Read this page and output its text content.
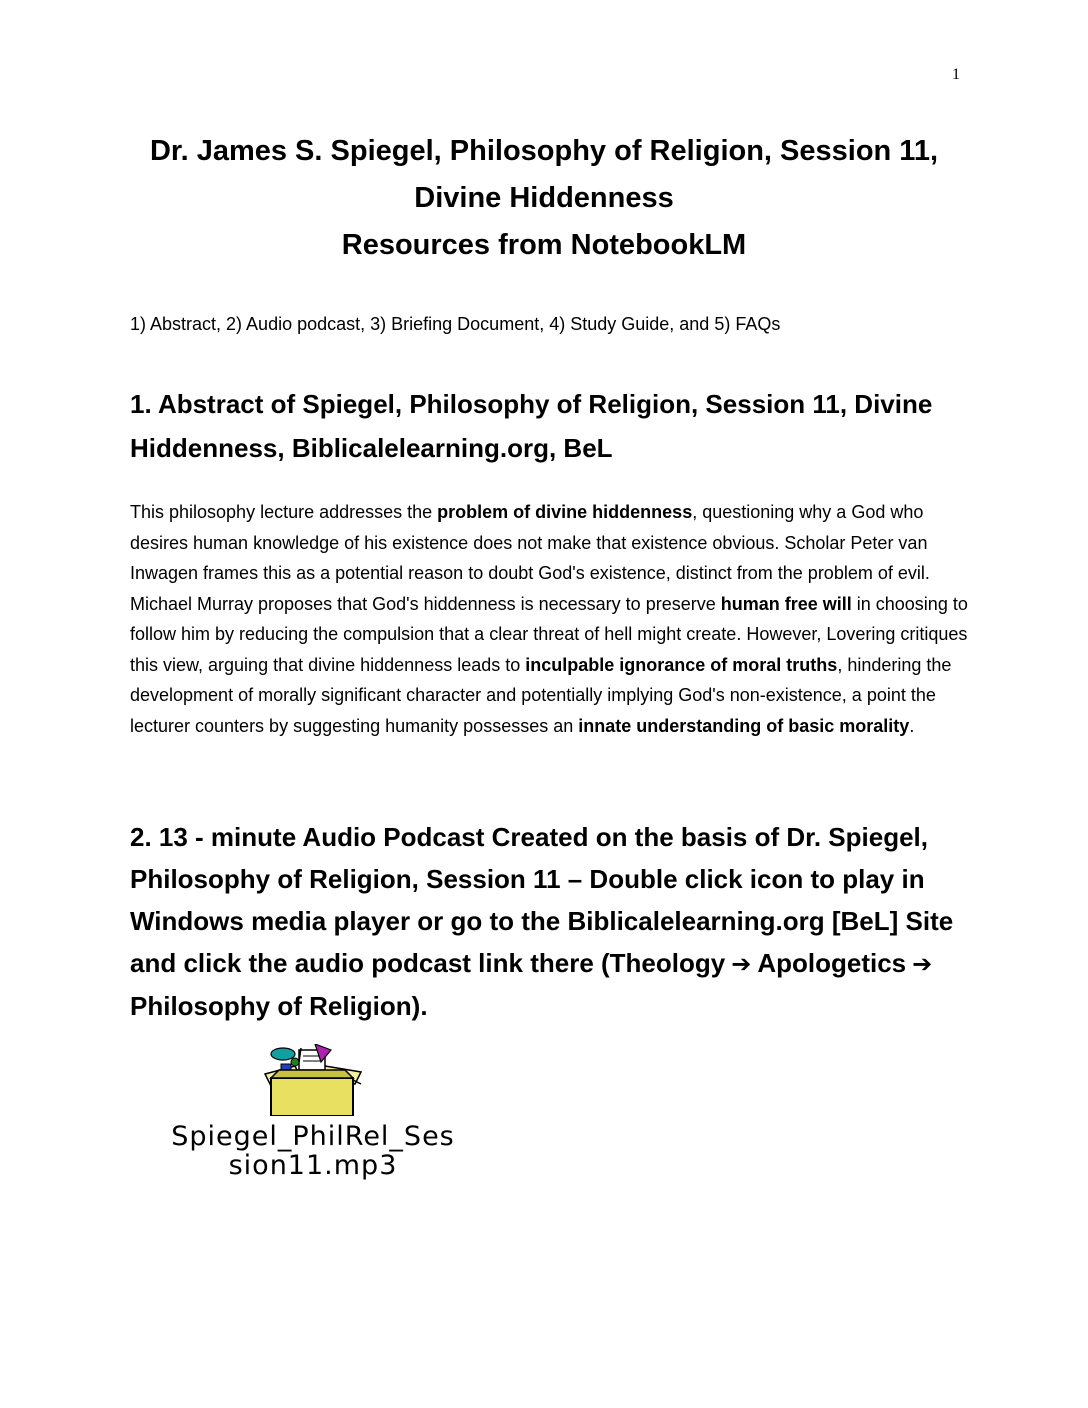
1
Dr. James S. Spiegel, Philosophy of Religion, Session 11,
Divine Hiddenness
Resources from NotebookLM
1) Abstract, 2) Audio podcast, 3) Briefing Document, 4) Study Guide, and 5) FAQs
1. Abstract of Spiegel, Philosophy of Religion, Session 11, Divine Hiddenness, Biblicalelearning.org, BeL
This philosophy lecture addresses the problem of divine hiddenness, questioning why a God who desires human knowledge of his existence does not make that existence obvious. Scholar Peter van Inwagen frames this as a potential reason to doubt God's existence, distinct from the problem of evil. Michael Murray proposes that God's hiddenness is necessary to preserve human free will in choosing to follow him by reducing the compulsion that a clear threat of hell might create. However, Lovering critiques this view, arguing that divine hiddenness leads to inculpable ignorance of moral truths, hindering the development of morally significant character and potentially implying God's non-existence, a point the lecturer counters by suggesting humanity possesses an innate understanding of basic morality.
2. 13 - minute Audio Podcast Created on the basis of Dr. Spiegel, Philosophy of Religion, Session 11 – Double click icon to play in Windows media player or go to the Biblicalelearning.org [BeL] Site and click the audio podcast link there (Theology ➔ Apologetics ➔Philosophy of Religion).
Spiegel_PhilRel_Ses
sion11.mp3
